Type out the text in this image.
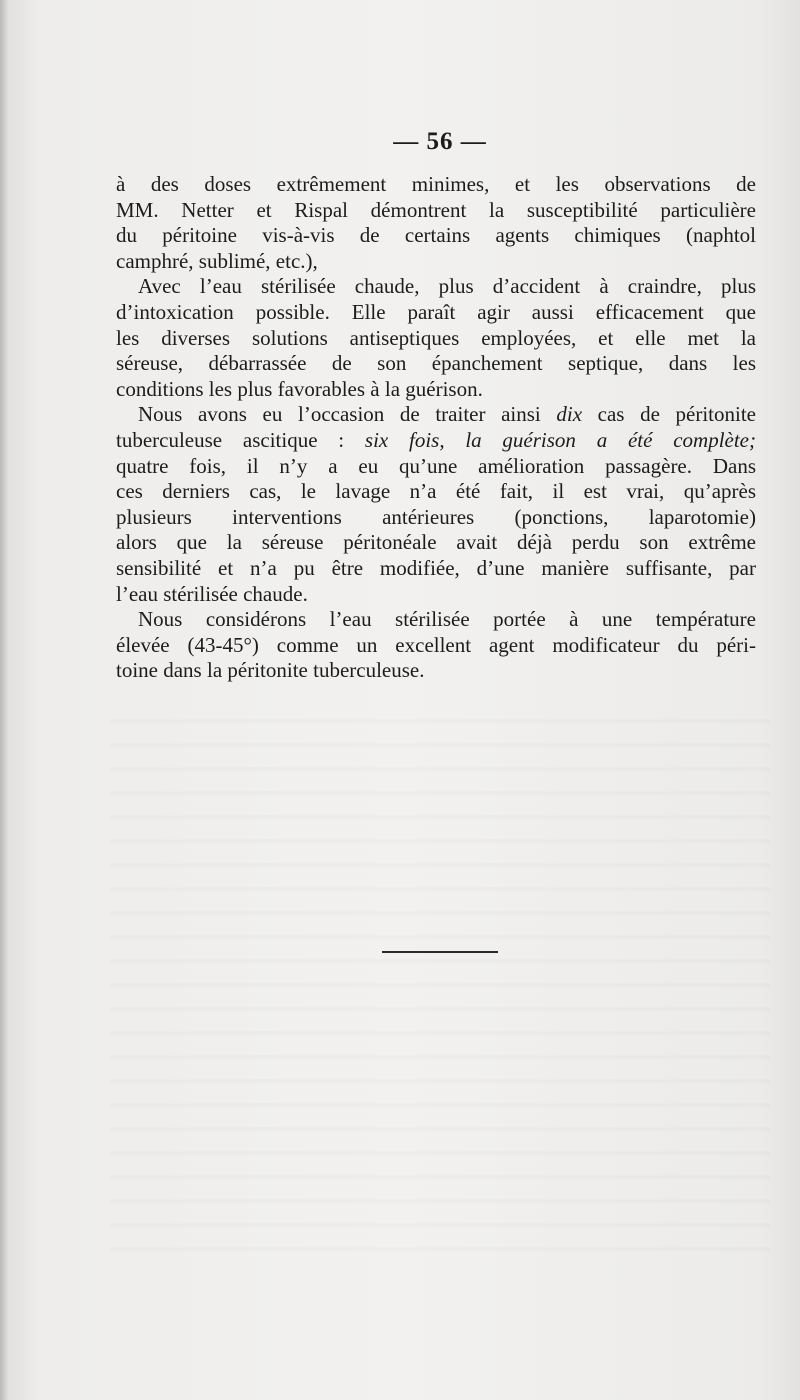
— 56 —
à des doses extrêmement minimes, et les observations de
MM. Netter et Rispal démontrent la susceptibilité particulière
du péritoine vis-à-vis de certains agents chimiques (naphtol
camphré, sublimé, etc.),
Avec l’eau stérilisée chaude, plus d’accident à craindre, plus
d’intoxication possible. Elle paraît agir aussi efficacement que
les diverses solutions antiseptiques employées, et elle met la
séreuse, débarrassée de son épanchement septique, dans les
conditions les plus favorables à la guérison.
Nous avons eu l’occasion de traiter ainsi dix cas de péritonite
tuberculeuse ascitique : six fois, la guérison a été complète;
quatre fois, il n’y a eu qu’une amélioration passagère. Dans
ces derniers cas, le lavage n’a été fait, il est vrai, qu’après
plusieurs interventions antérieures (ponctions, laparotomie)
alors que la séreuse péritonéale avait déjà perdu son extrême
sensibilité et n’a pu être modifiée, d’une manière suffisante, par
l’eau stérilisée chaude.
Nous considérons l’eau stérilisée portée à une température
élevée (43-45°) comme un excellent agent modificateur du péri-
toine dans la péritonite tuberculeuse.
